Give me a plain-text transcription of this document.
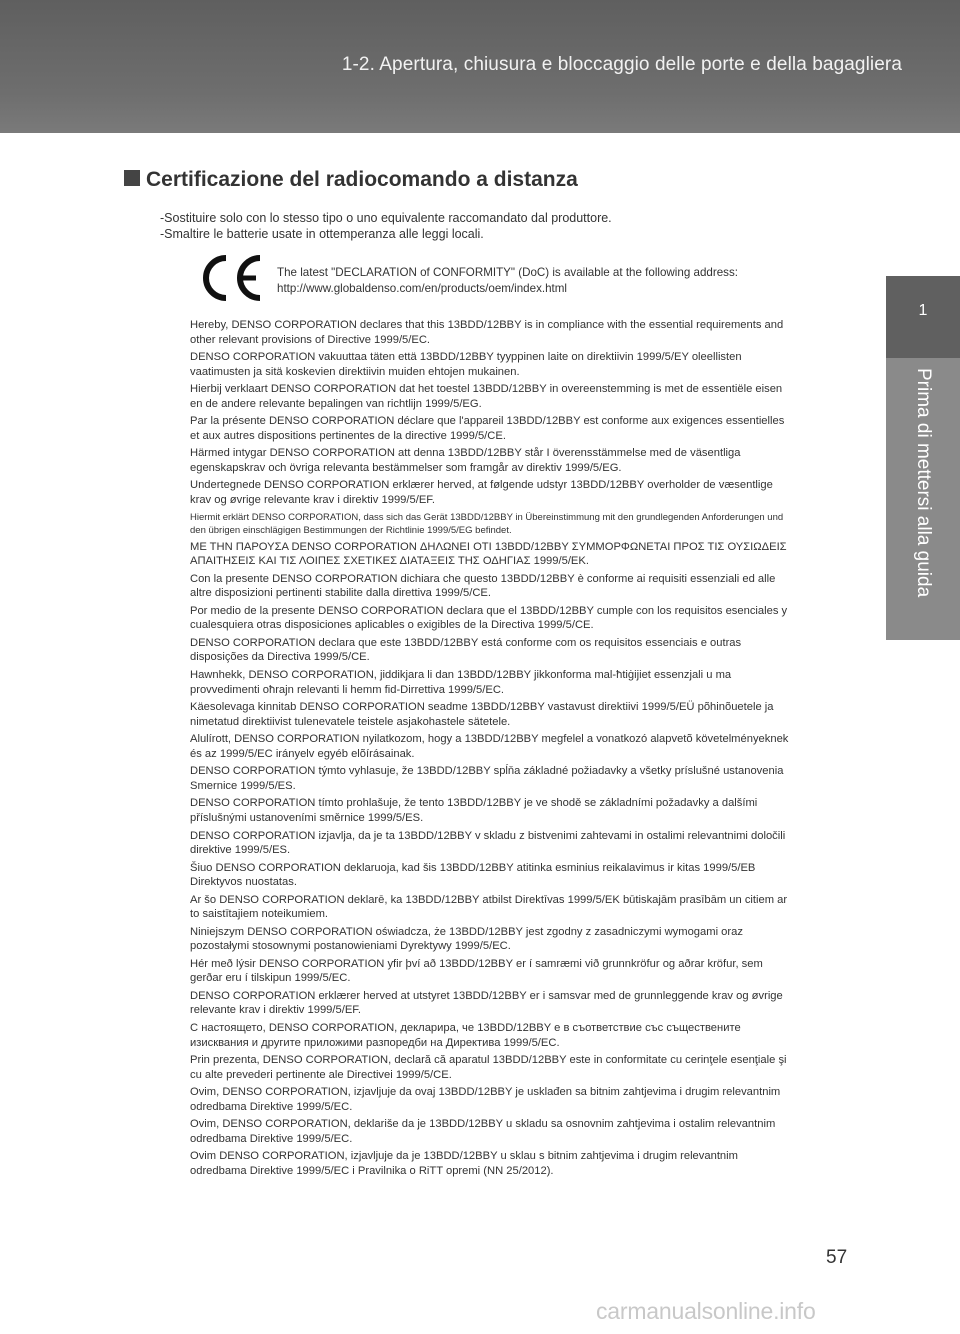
1-2. Apertura, chiusura e bloccaggio delle porte e della bagagliera
1
Prima di mettersi alla guida
Certificazione del radiocomando a distanza
-Sostituire solo con lo stesso tipo o uno equivalente raccomandato dal produttore.
-Smaltire le batterie usate in ottemperanza alle leggi locali.
The latest "DECLARATION of CONFORMITY" (DoC) is available at the following address:
http://www.globaldenso.com/en/products/oem/index.html

Hereby, DENSO CORPORATION declares that this 13BDD/12BBY is in compliance with the essential requirements and other relevant provisions of Directive 1999/5/EC.

DENSO CORPORATION vakuuttaa täten että 13BDD/12BBY tyyppinen laite on direktiivin 1999/5/EY oleellisten vaatimusten ja sitä koskevien direktiivin muiden ehtojen mukainen.

Hierbij verklaart DENSO CORPORATION dat het toestel 13BDD/12BBY in overeenstemming is met de essentiële eisen en de andere relevante bepalingen van richtlijn 1999/5/EG.

Par la présente DENSO CORPORATION déclare que l'appareil 13BDD/12BBY est conforme aux exigences essentielles et aux autres dispositions pertinentes de la directive 1999/5/CE.

Härmed intygar DENSO CORPORATION att denna 13BDD/12BBY står I överensstämmelse med de väsentliga egenskapskrav och övriga relevanta bestämmelser som framgår av direktiv 1999/5/EG.

Undertegnede DENSO CORPORATION erklærer herved, at følgende udstyr 13BDD/12BBY overholder de væsentlige krav og øvrige relevante krav i direktiv 1999/5/EF.

Hiermit erklärt DENSO CORPORATION, dass sich das Gerät 13BDD/12BBY in Übereinstimmung mit den grundlegenden Anforderungen und den übrigen einschlägigen Bestimmungen der Richtlinie 1999/5/EG befindet.

ΜΕ ΤΗΝ ΠΑΡΟΥΣΑ DENSO CORPORATION ΔΗΛΩΝΕΙ ΟΤΙ 13BDD/12BBY ΣΥΜΜΟΡΦΩΝΕΤΑΙ ΠΡΟΣ ΤΙΣ ΟΥΣΙΩΔΕΙΣ ΑΠΑΙΤΗΣΕΙΣ ΚΑΙ ΤΙΣ ΛΟΙΠΕΣ ΣΧΕΤΙΚΕΣ ΔΙΑΤΑΞΕΙΣ ΤΗΣ ΟΔΗΓΙΑΣ 1999/5/ΕΚ.

Con la presente DENSO CORPORATION dichiara che questo 13BDD/12BBY è conforme ai requisiti essenziali ed alle altre disposizioni pertinenti stabilite dalla direttiva 1999/5/CE.

Por medio de la presente DENSO CORPORATION declara que el 13BDD/12BBY cumple con los requisitos esenciales y cualesquiera otras disposiciones aplicables o exigibles de la Directiva 1999/5/CE.

DENSO CORPORATION declara que este 13BDD/12BBY está conforme com os requisitos essenciais e outras disposições da Directiva 1999/5/CE.

Hawnhekk, DENSO CORPORATION, jiddikjara li dan 13BDD/12BBY jikkonforma mal-ħtiġijiet essenzjali u ma provvedimenti oħrajn relevanti li hemm fid-Dirrettiva 1999/5/EC.

Käesolevaga kinnitab DENSO CORPORATION seadme 13BDD/12BBY vastavust direktiivi 1999/5/EÜ põhinõuetele ja nimetatud direktiivist tulenevatele teistele asjakohastele sätetele.

Alulírott, DENSO CORPORATION nyilatkozom, hogy a 13BDD/12BBY megfelel a vonatkozó alapvetõ követelményeknek és az 1999/5/EC irányelv egyéb elõírásainak.

DENSO CORPORATION týmto vyhlasuje, že 13BDD/12BBY spĺňa základné požiadavky a všetky príslušné ustanovenia Smernice 1999/5/ES.

DENSO CORPORATION tímto prohlašuje, že tento 13BDD/12BBY je ve shodě se základními požadavky a dalšími příslušnými ustanoveními směrnice 1999/5/ES.

DENSO CORPORATION izjavlja, da je ta 13BDD/12BBY v skladu z bistvenimi zahtevami in ostalimi relevantnimi določili direktive 1999/5/ES.

Šiuo DENSO CORPORATION deklaruoja, kad šis 13BDD/12BBY atitinka esminius reikalavimus ir kitas 1999/5/EB Direktyvos nuostatas.

Ar šo DENSO CORPORATION deklarē, ka 13BDD/12BBY atbilst Direktīvas 1999/5/EK būtiskajām prasībām un citiem ar to saistītajiem noteikumiem.

Niniejszym DENSO CORPORATION oświadcza, że 13BDD/12BBY jest zgodny z zasadniczymi wymogami oraz pozostałymi stosownymi postanowieniami Dyrektywy 1999/5/EC.

Hér með lýsir DENSO CORPORATION yfir því að 13BDD/12BBY er í samræmi við grunnkröfur og aðrar kröfur, sem gerðar eru í tilskipun 1999/5/EC.

DENSO CORPORATION erklærer herved at utstyret 13BDD/12BBY er i samsvar med de grunnleggende krav og øvrige relevante krav i direktiv 1999/5/EF.

С настоящето, DENSO CORPORATION, декларира, че 13BDD/12BBY е в съответствие със съществените изисквания и другите приложими разпоредби на Директива 1999/5/ЕС.

Prin prezenta, DENSO CORPORATION, declară că aparatul 13BDD/12BBY este in conformitate cu cerinţele esenţiale şi cu alte prevederi pertinente ale Directivei 1999/5/CE.

Ovim, DENSO CORPORATION, izjavljuje da ovaj 13BDD/12BBY je usklađen sa bitnim zahtjevima i drugim relevantnim odredbama Direktive 1999/5/EC.

Ovim, DENSO CORPORATION, deklariše da je 13BDD/12BBY u skladu sa osnovnim zahtjevima i ostalim relevantnim odredbama Direktive 1999/5/EC.

Ovim DENSO CORPORATION, izjavljuje da je 13BDD/12BBY u sklau s bitnim zahtjevima i drugim relevantnim odredbama Direktive 1999/5/EC i Pravilnika o RiTT opremi (NN 25/2012).

57
carmanualsonline.info
